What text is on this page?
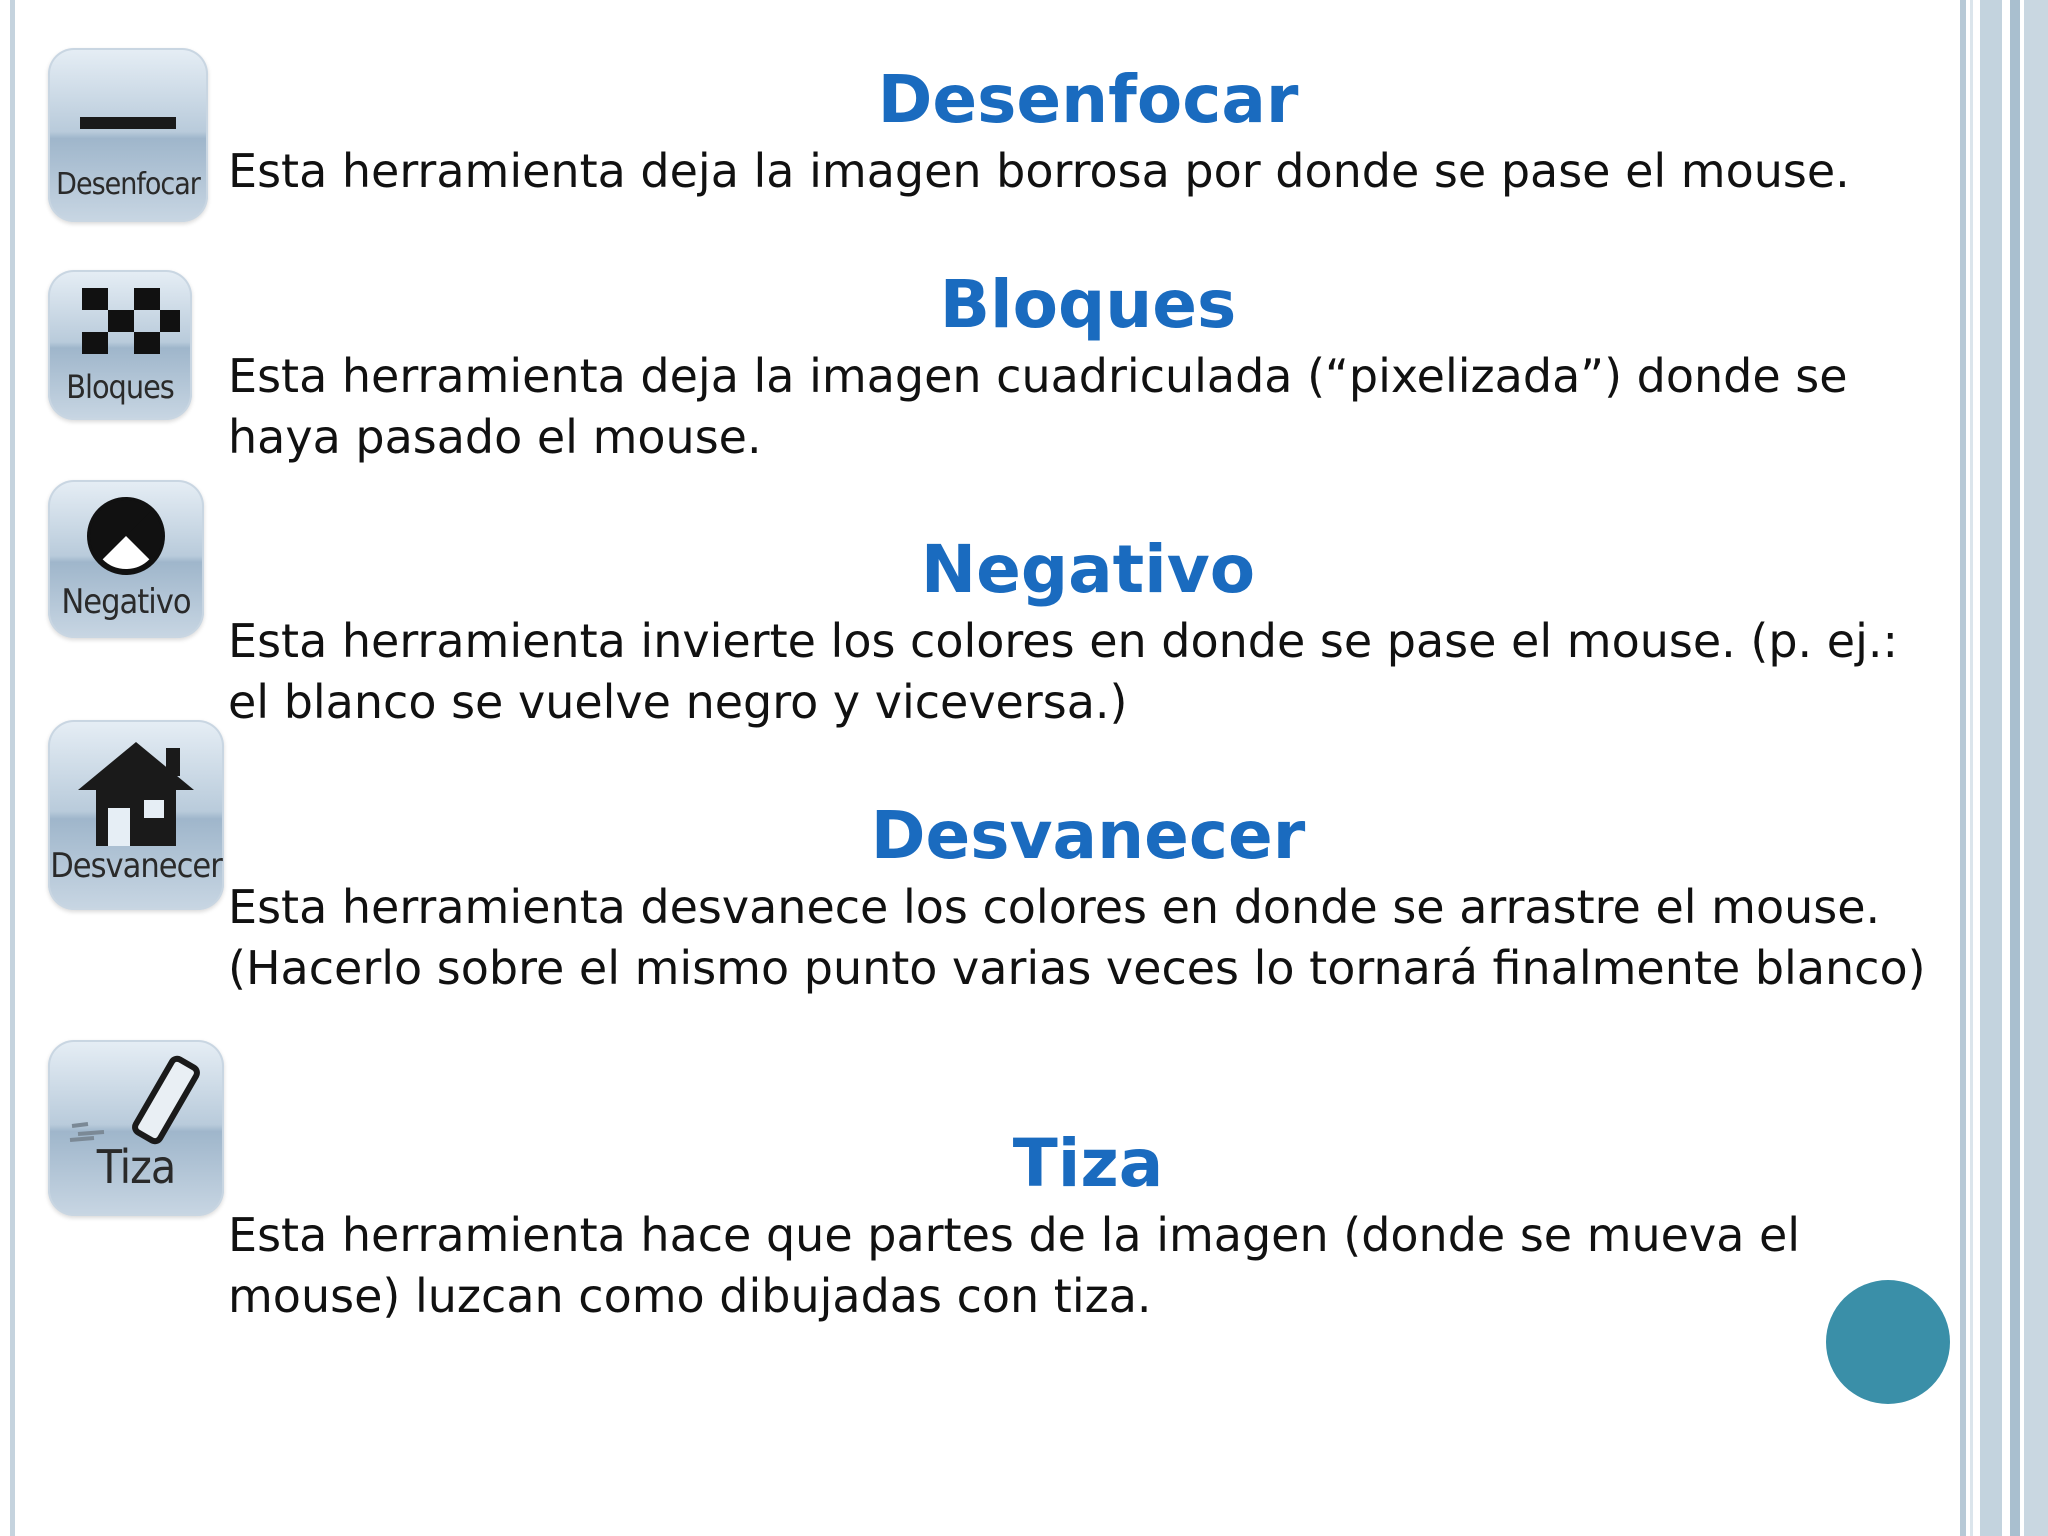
Desenfocar
Desenfocar
Esta herramienta deja la imagen borrosa por donde se pase el mouse.
Bloques
Bloques
Esta herramienta deja la imagen cuadriculada (“pixelizada”) donde se haya pasado el mouse.
Negativo	Negativo
Esta herramienta invierte los colores en donde se pase el mouse. (p. ej.: el blanco se vuelve negro y viceversa.)
Desvanecer	Desvanecer
Esta herramienta desvanece los colores en donde se arrastre el mouse. (Hacerlo sobre el mismo punto varias veces lo tornará finalmente blanco)
Tiza	Tiza
Esta herramienta hace que partes de la imagen (donde se mueva el mouse) luzcan como dibujadas con tiza.
